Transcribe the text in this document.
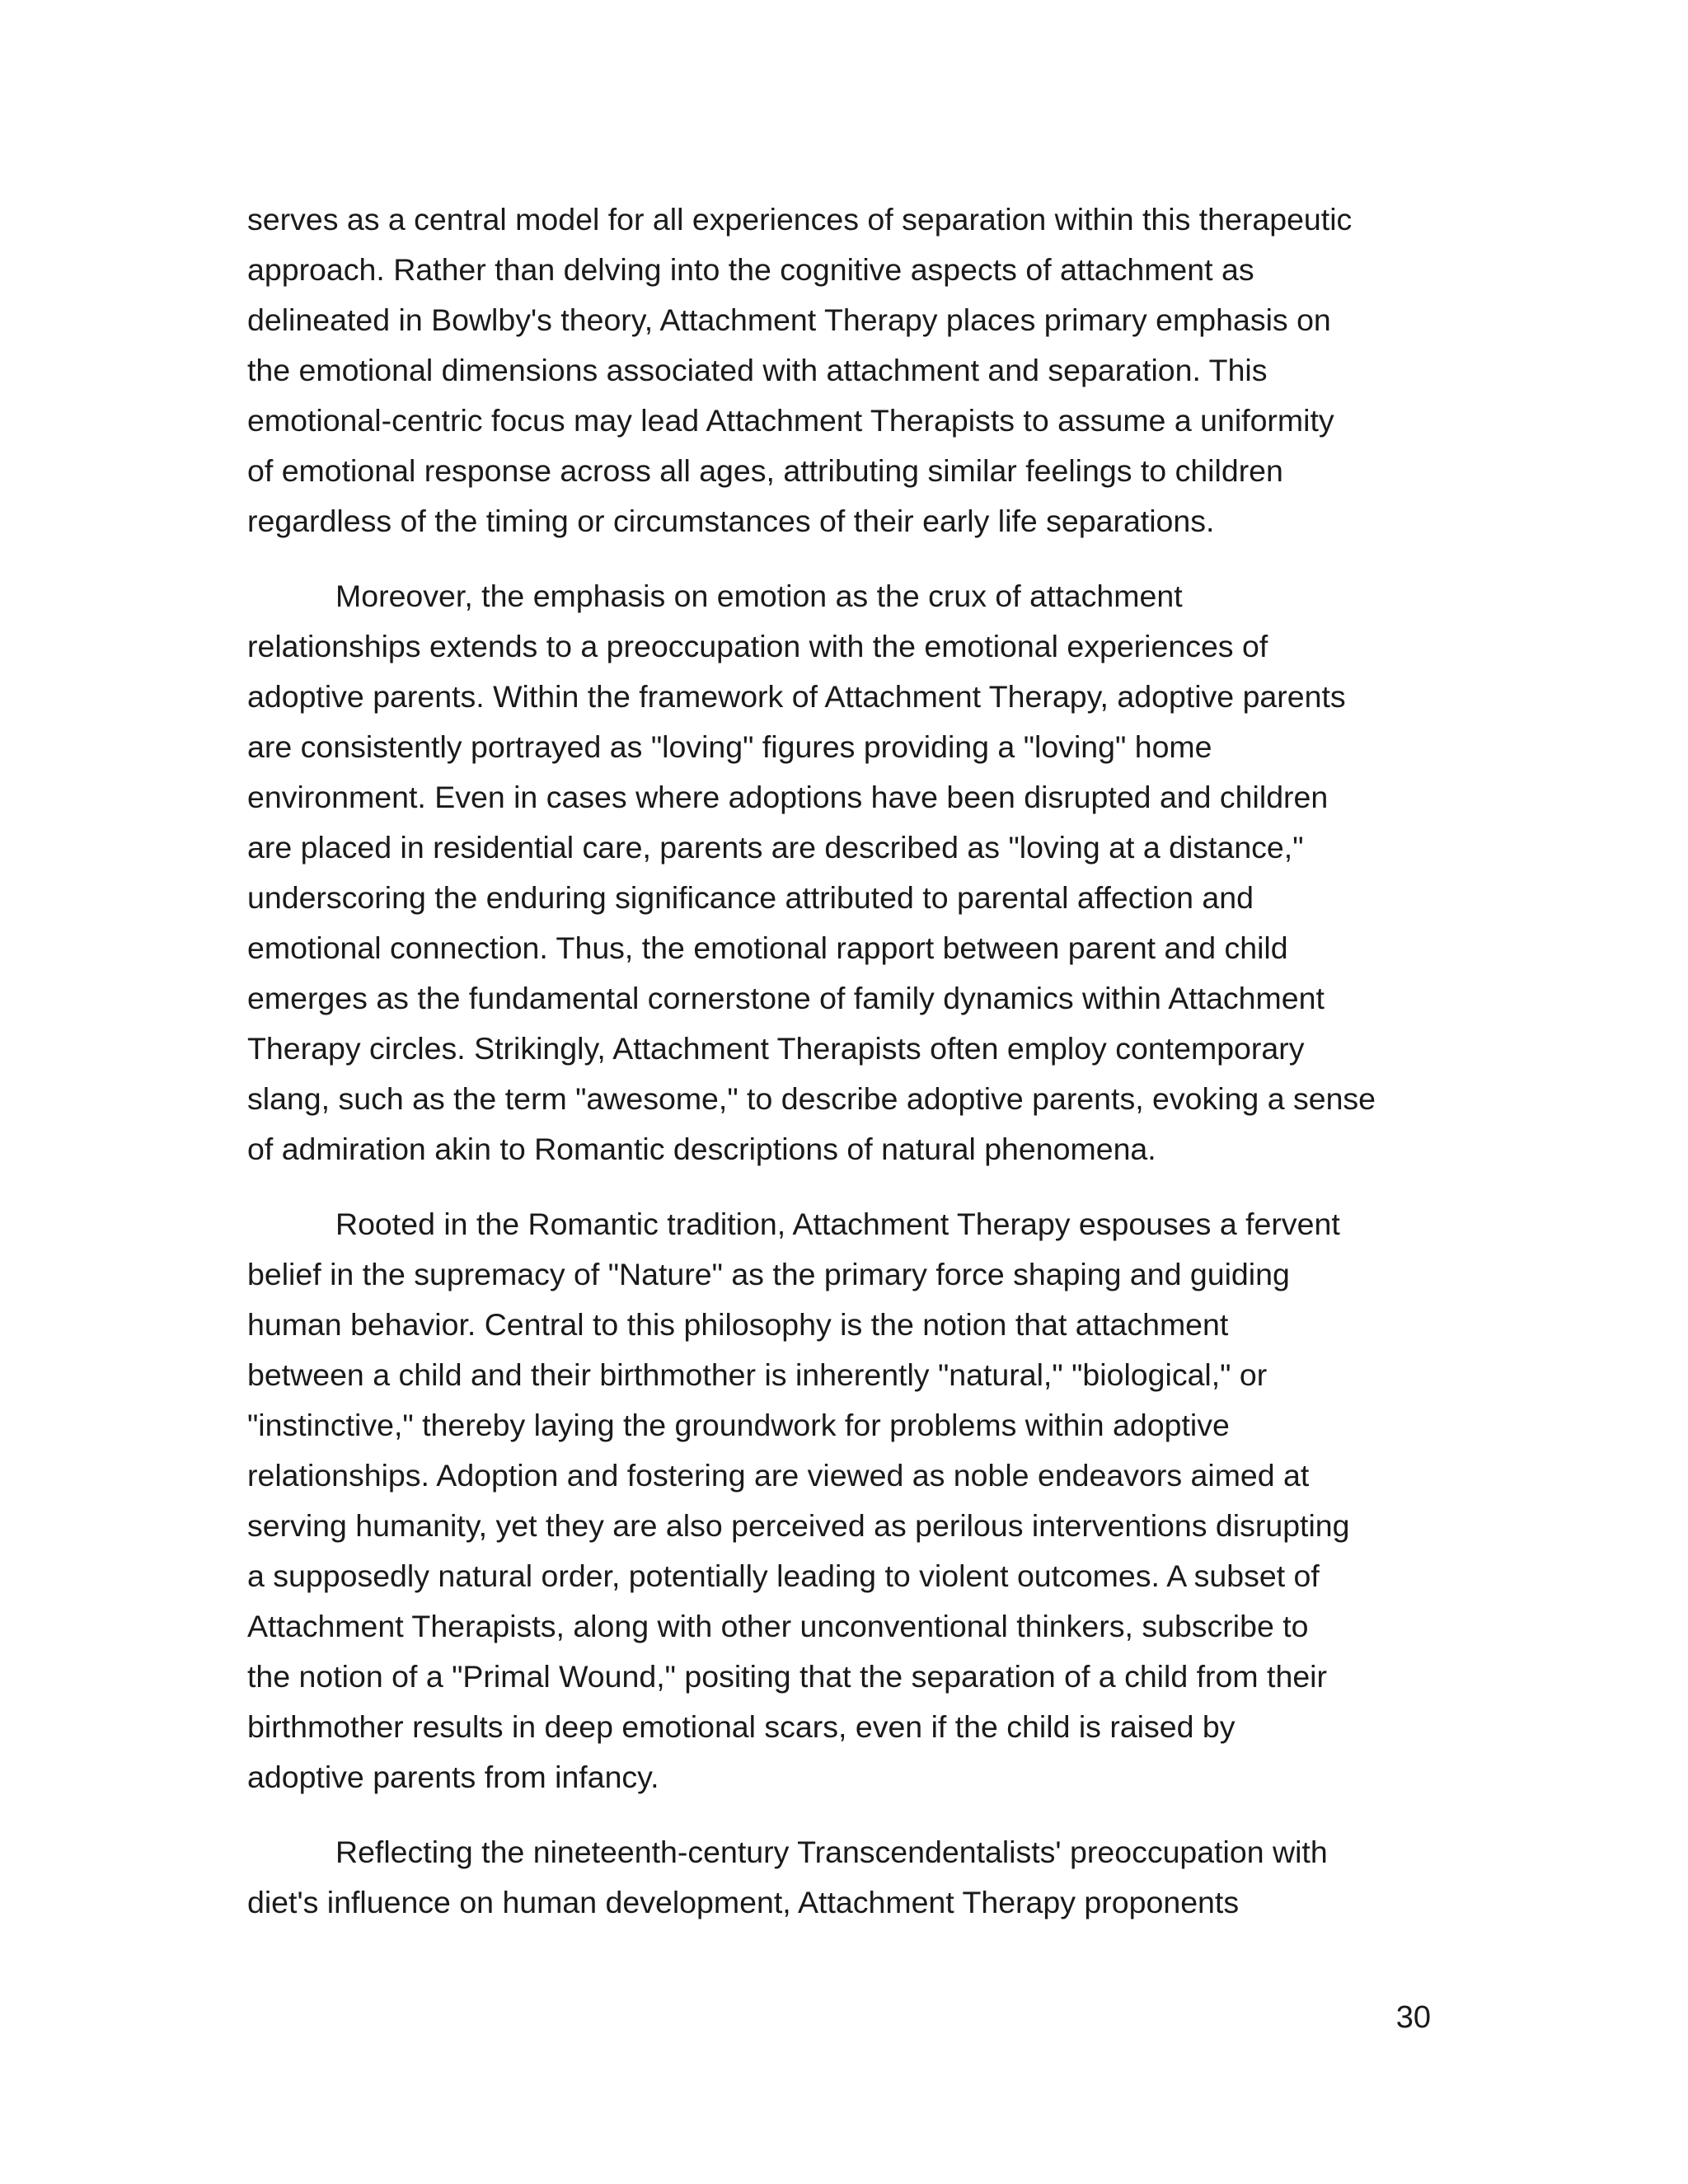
serves as a central model for all experiences of separation within this therapeutic
approach. Rather than delving into the cognitive aspects of attachment as
delineated in Bowlby's theory, Attachment Therapy places primary emphasis on
the emotional dimensions associated with attachment and separation. This
emotional-centric focus may lead Attachment Therapists to assume a uniformity
of emotional response across all ages, attributing similar feelings to children
regardless of the timing or circumstances of their early life separations.

Moreover, the emphasis on emotion as the crux of attachment
relationships extends to a preoccupation with the emotional experiences of
adoptive parents. Within the framework of Attachment Therapy, adoptive parents
are consistently portrayed as "loving" figures providing a "loving" home
environment. Even in cases where adoptions have been disrupted and children
are placed in residential care, parents are described as "loving at a distance,"
underscoring the enduring significance attributed to parental affection and
emotional connection. Thus, the emotional rapport between parent and child
emerges as the fundamental cornerstone of family dynamics within Attachment
Therapy circles. Strikingly, Attachment Therapists often employ contemporary
slang, such as the term "awesome," to describe adoptive parents, evoking a sense
of admiration akin to Romantic descriptions of natural phenomena.

Rooted in the Romantic tradition, Attachment Therapy espouses a fervent
belief in the supremacy of "Nature" as the primary force shaping and guiding
human behavior. Central to this philosophy is the notion that attachment
between a child and their birthmother is inherently "natural," "biological," or
"instinctive," thereby laying the groundwork for problems within adoptive
relationships. Adoption and fostering are viewed as noble endeavors aimed at
serving humanity, yet they are also perceived as perilous interventions disrupting
a supposedly natural order, potentially leading to violent outcomes. A subset of
Attachment Therapists, along with other unconventional thinkers, subscribe to
the notion of a "Primal Wound," positing that the separation of a child from their
birthmother results in deep emotional scars, even if the child is raised by
adoptive parents from infancy.

Reflecting the nineteenth-century Transcendentalists' preoccupation with
diet's influence on human development, Attachment Therapy proponents

30
